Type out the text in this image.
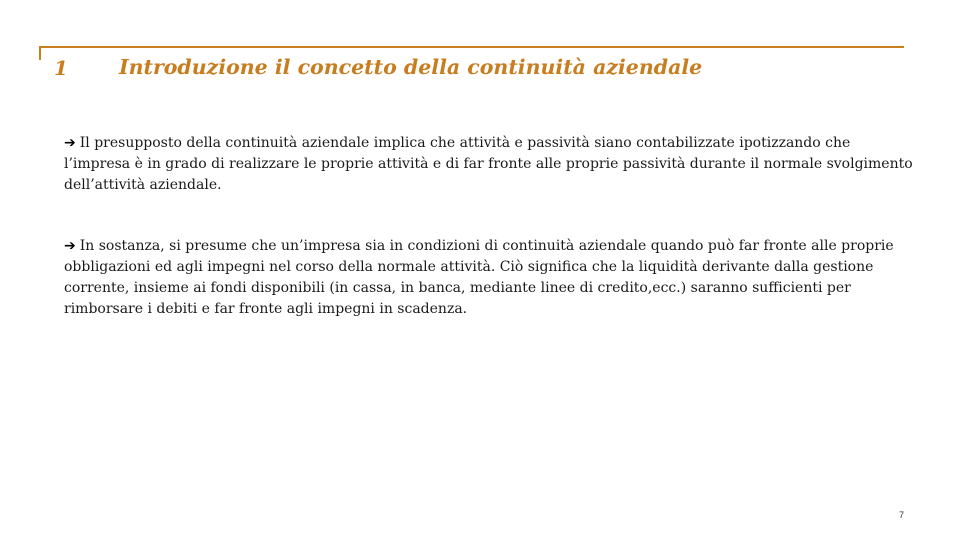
1 Introduzione il concetto della continuità aziendale
➔ Il presupposto della continuità aziendale implica che attività e passività siano contabilizzate ipotizzando che l’impresa è in grado di realizzare le proprie attività e di far fronte alle proprie passività durante il normale svolgimento dell’attività aziendale.
➔ In sostanza, si presume che un’impresa sia in condizioni di continuità aziendale quando può far fronte alle proprie obbligazioni ed agli impegni nel corso della normale attività. Ciò significa che la liquidità derivante dalla gestione corrente, insieme ai fondi disponibili (in cassa, in banca, mediante linee di credito,ecc.) saranno sufficienti per rimborsare i debiti e far fronte agli impegni in scadenza.
7
